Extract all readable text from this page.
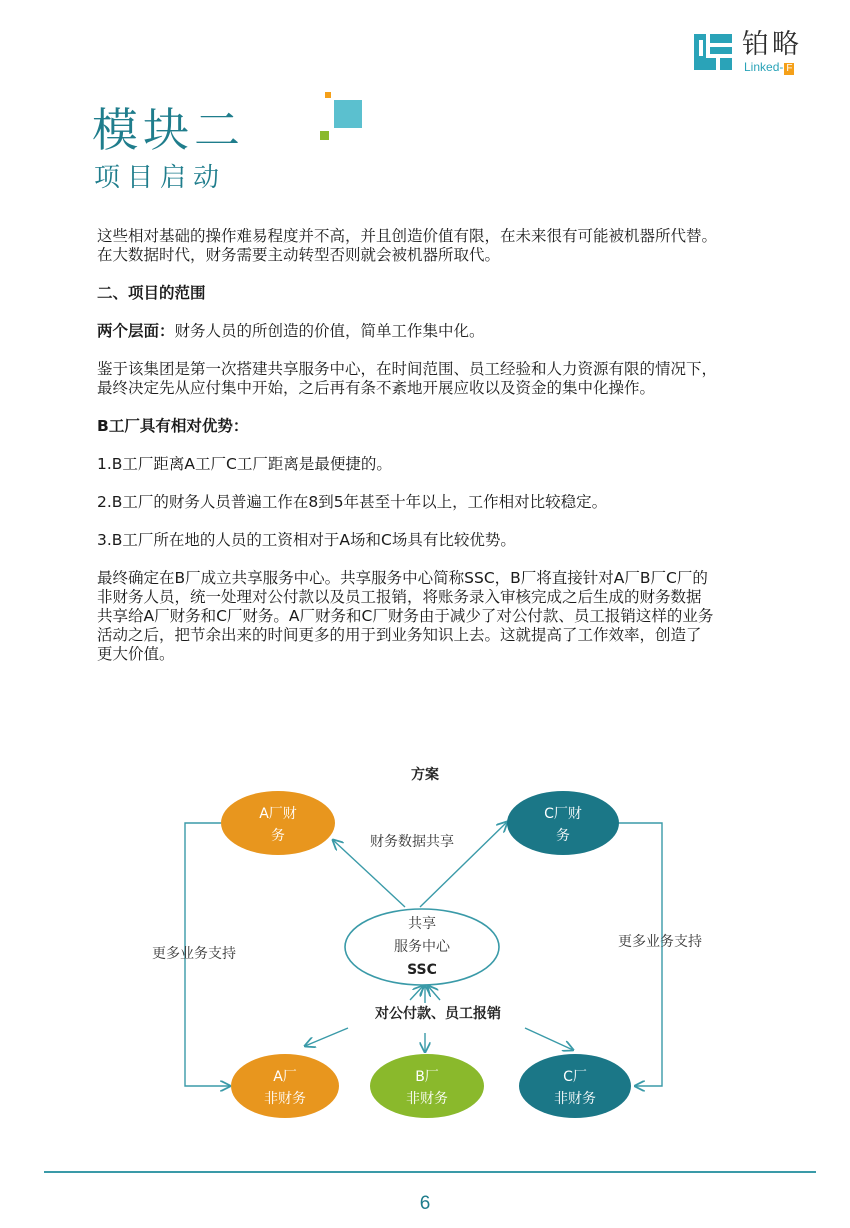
铂略
Linked- F
模块二
项目启动

这些相对基础的操作难易程度并不高，并且创造价值有限，在未来很有可能被机器所代替。

在大数据时代，财务需要主动转型否则就会被机器所取代。

二、项目的范围

两个层面：财务人员的所创造的价值，简单工作集中化。

鉴于该集团是第一次搭建共享服务中心，在时间范围、员工经验和人力资源有限的情况下，

最终决定先从应付集中开始，之后再有条不紊地开展应收以及资金的集中化操作。

B工厂具有相对优势：

1.B工厂距离A工厂C工厂距离是最便捷的。

2.B工厂的财务人员普遍工作在8到5年甚至十年以上，工作相对比较稳定。

3.B工厂所在地的人员的工资相对于A场和C场具有比较优势。

最终确定在B厂成立共享服务中心。共享服务中心简称SSC，B厂将直接针对A厂B厂C厂的

非财务人员，统一处理对公付款以及员工报销，将账务录入审核完成之后生成的财务数据

共享给A厂财务和C厂财务。A厂财务和C厂财务由于减少了对公付款、员工报销这样的业务

活动之后，把节余出来的时间更多的用于到业务知识上去。这就提高了工作效率，创造了

更大价值。

方案
财务数据共享
更多业务支持
更多业务支持
对公付款、员工报销
A厂财
务
C厂财
务
共享
服务中心
SSC
A厂
非财务
B厂
非财务
C厂
非财务
6
